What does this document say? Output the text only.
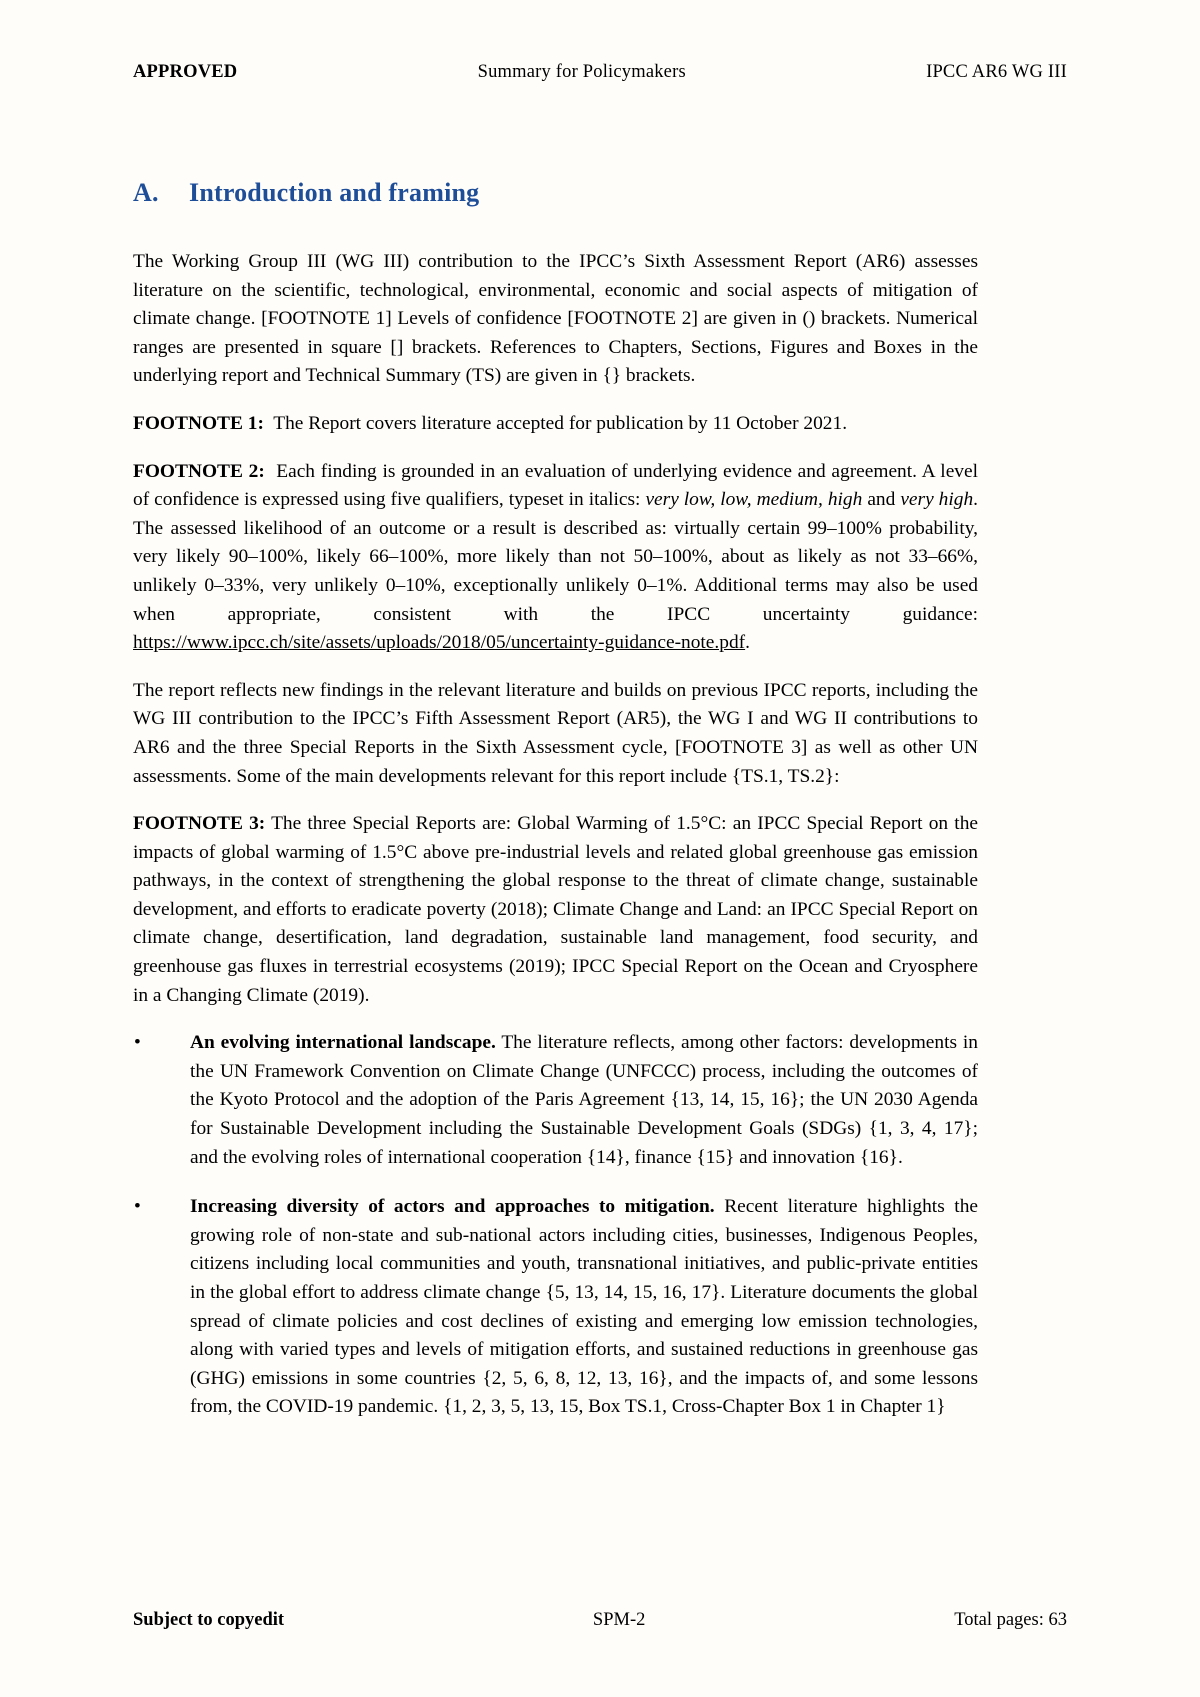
APPROVED	Summary for Policymakers	IPCC AR6 WG III
A. Introduction and framing

The Working Group III (WG III) contribution to the IPCC’s Sixth Assessment Report (AR6) assesses literature on the scientific, technological, environmental, economic and social aspects of mitigation of climate change. [FOOTNOTE 1] Levels of confidence [FOOTNOTE 2] are given in () brackets. Numerical ranges are presented in square [] brackets. References to Chapters, Sections, Figures and Boxes in the underlying report and Technical Summary (TS) are given in {} brackets.

FOOTNOTE 1: The Report covers literature accepted for publication by 11 October 2021.

FOOTNOTE 2: Each finding is grounded in an evaluation of underlying evidence and agreement. A level of confidence is expressed using five qualifiers, typeset in italics: very low, low, medium, high and very high. The assessed likelihood of an outcome or a result is described as: virtually certain 99–100% probability, very likely 90–100%, likely 66–100%, more likely than not 50–100%, about as likely as not 33–66%, unlikely 0–33%, very unlikely 0–10%, exceptionally unlikely 0–1%. Additional terms may also be used when appropriate, consistent with the IPCC uncertainty guidance: https://www.ipcc.ch/site/assets/uploads/2018/05/uncertainty-guidance-note.pdf.

The report reflects new findings in the relevant literature and builds on previous IPCC reports, including the WG III contribution to the IPCC’s Fifth Assessment Report (AR5), the WG I and WG II contributions to AR6 and the three Special Reports in the Sixth Assessment cycle, [FOOTNOTE 3] as well as other UN assessments. Some of the main developments relevant for this report include {TS.1, TS.2}:

FOOTNOTE 3: The three Special Reports are: Global Warming of 1.5°C: an IPCC Special Report on the impacts of global warming of 1.5°C above pre-industrial levels and related global greenhouse gas emission pathways, in the context of strengthening the global response to the threat of climate change, sustainable development, and efforts to eradicate poverty (2018); Climate Change and Land: an IPCC Special Report on climate change, desertification, land degradation, sustainable land management, food security, and greenhouse gas fluxes in terrestrial ecosystems (2019); IPCC Special Report on the Ocean and Cryosphere in a Changing Climate (2019).

•	An evolving international landscape. The literature reflects, among other factors: developments in the UN Framework Convention on Climate Change (UNFCCC) process, including the outcomes of the Kyoto Protocol and the adoption of the Paris Agreement {13, 14, 15, 16}; the UN 2030 Agenda for Sustainable Development including the Sustainable Development Goals (SDGs) {1, 3, 4, 17}; and the evolving roles of international cooperation {14}, finance {15} and innovation {16}.
•	Increasing diversity of actors and approaches to mitigation. Recent literature highlights the growing role of non-state and sub-national actors including cities, businesses, Indigenous Peoples, citizens including local communities and youth, transnational initiatives, and public-private entities in the global effort to address climate change {5, 13, 14, 15, 16, 17}. Literature documents the global spread of climate policies and cost declines of existing and emerging low emission technologies, along with varied types and levels of mitigation efforts, and sustained reductions in greenhouse gas (GHG) emissions in some countries {2, 5, 6, 8, 12, 13, 16}, and the impacts of, and some lessons from, the COVID-19 pandemic. {1, 2, 3, 5, 13, 15, Box TS.1, Cross-Chapter Box 1 in Chapter 1}
Subject to copyedit	SPM-2	Total pages: 63
